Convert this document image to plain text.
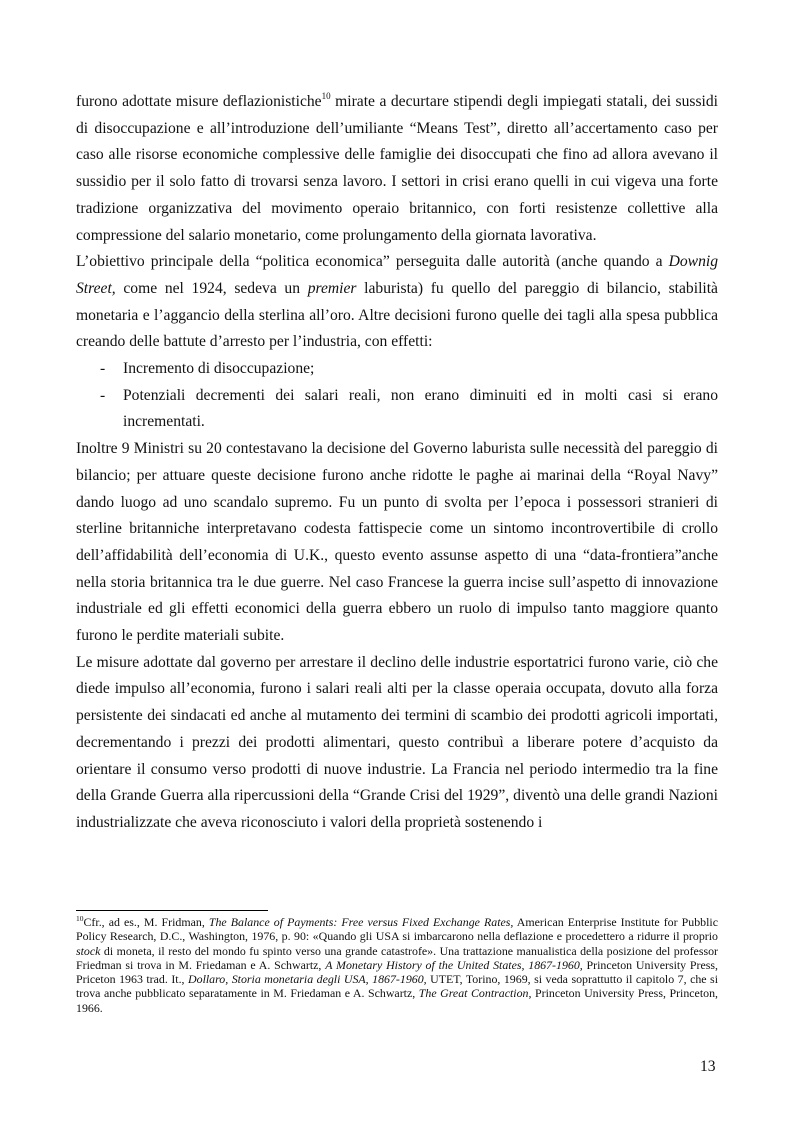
furono adottate misure deflazionistiche$^{10}$ mirate a decurtare stipendi degli impiegati statali, dei sussidi di disoccupazione e all’introduzione dell’umiliante “Means Test”, diretto all’accertamento caso per caso alle risorse economiche complessive delle famiglie dei disoccupati che fino ad allora avevano il sussidio per il solo fatto di trovarsi senza lavoro. I settori in crisi erano quelli in cui vigeva una forte tradizione organizzativa del movimento operaio britannico, con forti resistenze collettive alla compressione del salario monetario, come prolungamento della giornata lavorativa.

L’obiettivo principale della “politica economica” perseguita dalle autorità (anche quando a Downig Street, come nel 1924, sedeva un premier laburista) fu quello del pareggio di bilancio, stabilità monetaria e l’aggancio della sterlina all’oro. Altre decisioni furono quelle dei tagli alla spesa pubblica creando delle battute d’arresto per l’industria, con effetti:

- Incremento di disoccupazione;
- Potenziali decrementi dei salari reali, non erano diminuiti ed in molti casi si erano incrementati.

Inoltre 9 Ministri su 20 contestavano la decisione del Governo laburista sulle necessità del pareggio di bilancio; per attuare queste decisione furono anche ridotte le paghe ai marinai della “Royal Navy” dando luogo ad uno scandalo supremo. Fu un punto di svolta per l’epoca i possessori stranieri di sterline britanniche interpretavano codesta fattispecie come un sintomo incontrovertibile di crollo dell’affidabilità dell’economia di U.K., questo evento assunse aspetto di una “data-frontiera”anche nella storia britannica tra le due guerre. Nel caso Francese la guerra incise sull’aspetto di innovazione industriale ed gli effetti economici della guerra ebbero un ruolo di impulso tanto maggiore quanto furono le perdite materiali subite.

Le misure adottate dal governo per arrestare il declino delle industrie esportatrici furono varie, ciò che diede impulso all’economia, furono i salari reali alti per la classe operaia occupata, dovuto alla forza persistente dei sindacati ed anche al mutamento dei termini di scambio dei prodotti agricoli importati, decrementando i prezzi dei prodotti alimentari, questo contribuì a liberare potere d’acquisto da orientare il consumo verso prodotti di nuove industrie. La Francia nel periodo intermedio tra la fine della Grande Guerra alla ripercussioni della “Grande Crisi del 1929”, diventò una delle grandi Nazioni industrializzate che aveva riconosciuto i valori della proprietà sostenendo i

$^{10}$Cfr., ad es., M. Fridman, The Balance of Payments: Free versus Fixed Exchange Rates, American Enterprise Institute for Pubblic Policy Research, D.C., Washington, 1976, p. 90: «Quando gli USA si imbarcarono nella deflazione e procedettero a ridurre il proprio stock di moneta, il resto del mondo fu spinto verso una grande catastrofe». Una trattazione manualistica della posizione del professor Friedman si trova in M. Friedaman e A. Schwartz, A Monetary History of the United States, 1867-1960, Princeton University Press, Priceton 1963 trad. It., Dollaro, Storia monetaria degli USA, 1867-1960, UTET, Torino, 1969, si veda soprattutto il capitolo 7, che si trova anche pubblicato separatamente in M. Friedaman e A. Schwartz, The Great Contraction, Princeton University Press, Princeton, 1966.
13
